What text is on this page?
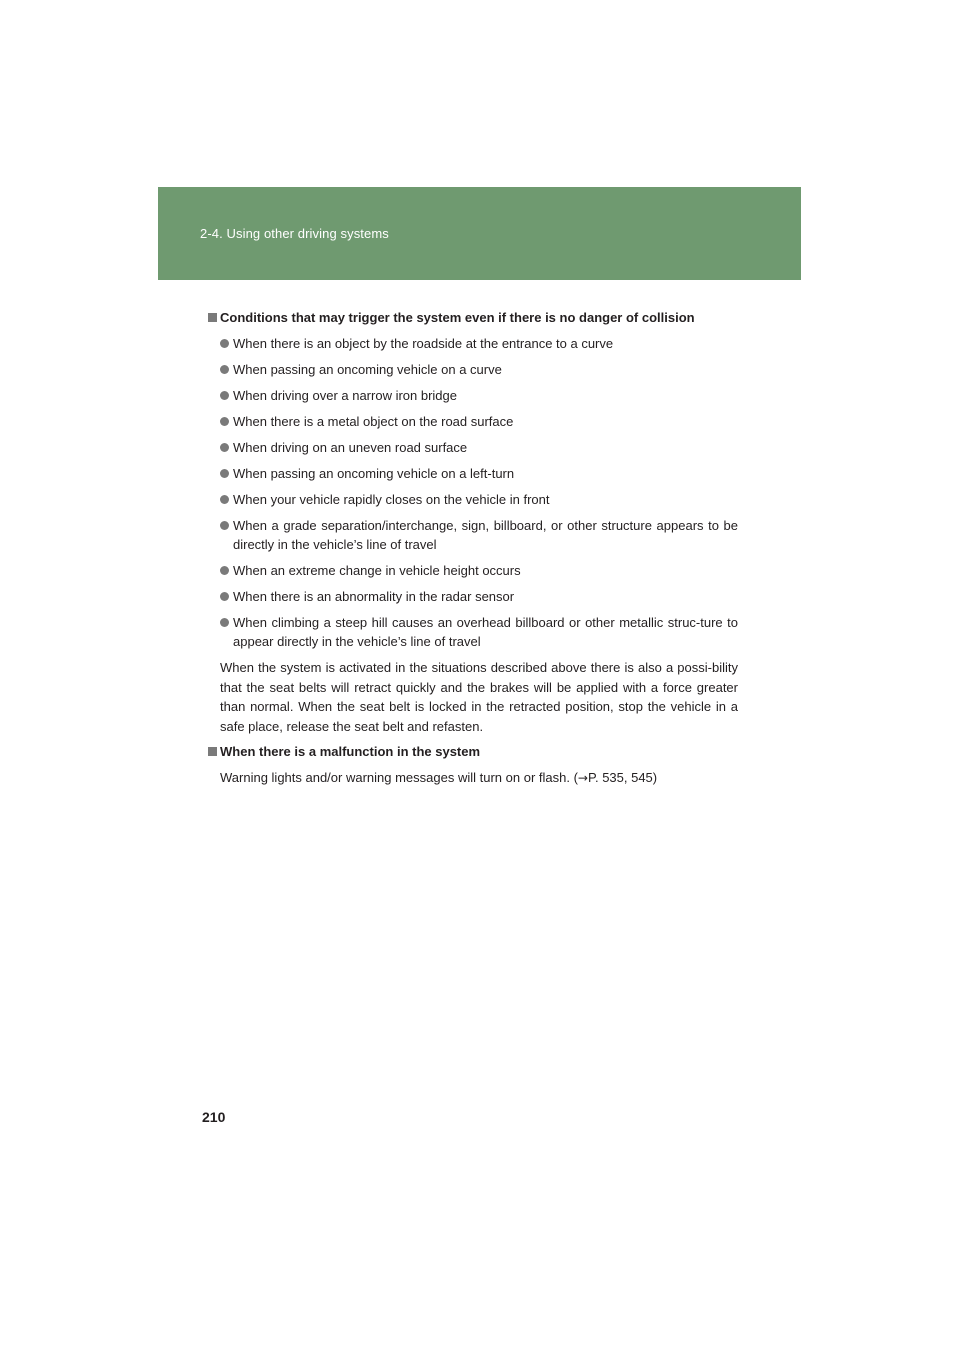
2-4. Using other driving systems
Conditions that may trigger the system even if there is no danger of collision
When there is an object by the roadside at the entrance to a curve
When passing an oncoming vehicle on a curve
When driving over a narrow iron bridge
When there is a metal object on the road surface
When driving on an uneven road surface
When passing an oncoming vehicle on a left-turn
When your vehicle rapidly closes on the vehicle in front
When a grade separation/interchange, sign, billboard, or other structure appears to be directly in the vehicle’s line of travel
When an extreme change in vehicle height occurs
When there is an abnormality in the radar sensor
When climbing a steep hill causes an overhead billboard or other metallic struc-ture to appear directly in the vehicle’s line of travel

When the system is activated in the situations described above there is also a possi-bility that the seat belts will retract quickly and the brakes will be applied with a force greater than normal. When the seat belt is locked in the retracted position, stop the vehicle in a safe place, release the seat belt and refasten.

When there is a malfunction in the system

Warning lights and/or warning messages will turn on or flash. (→P. 535, 545)

210
